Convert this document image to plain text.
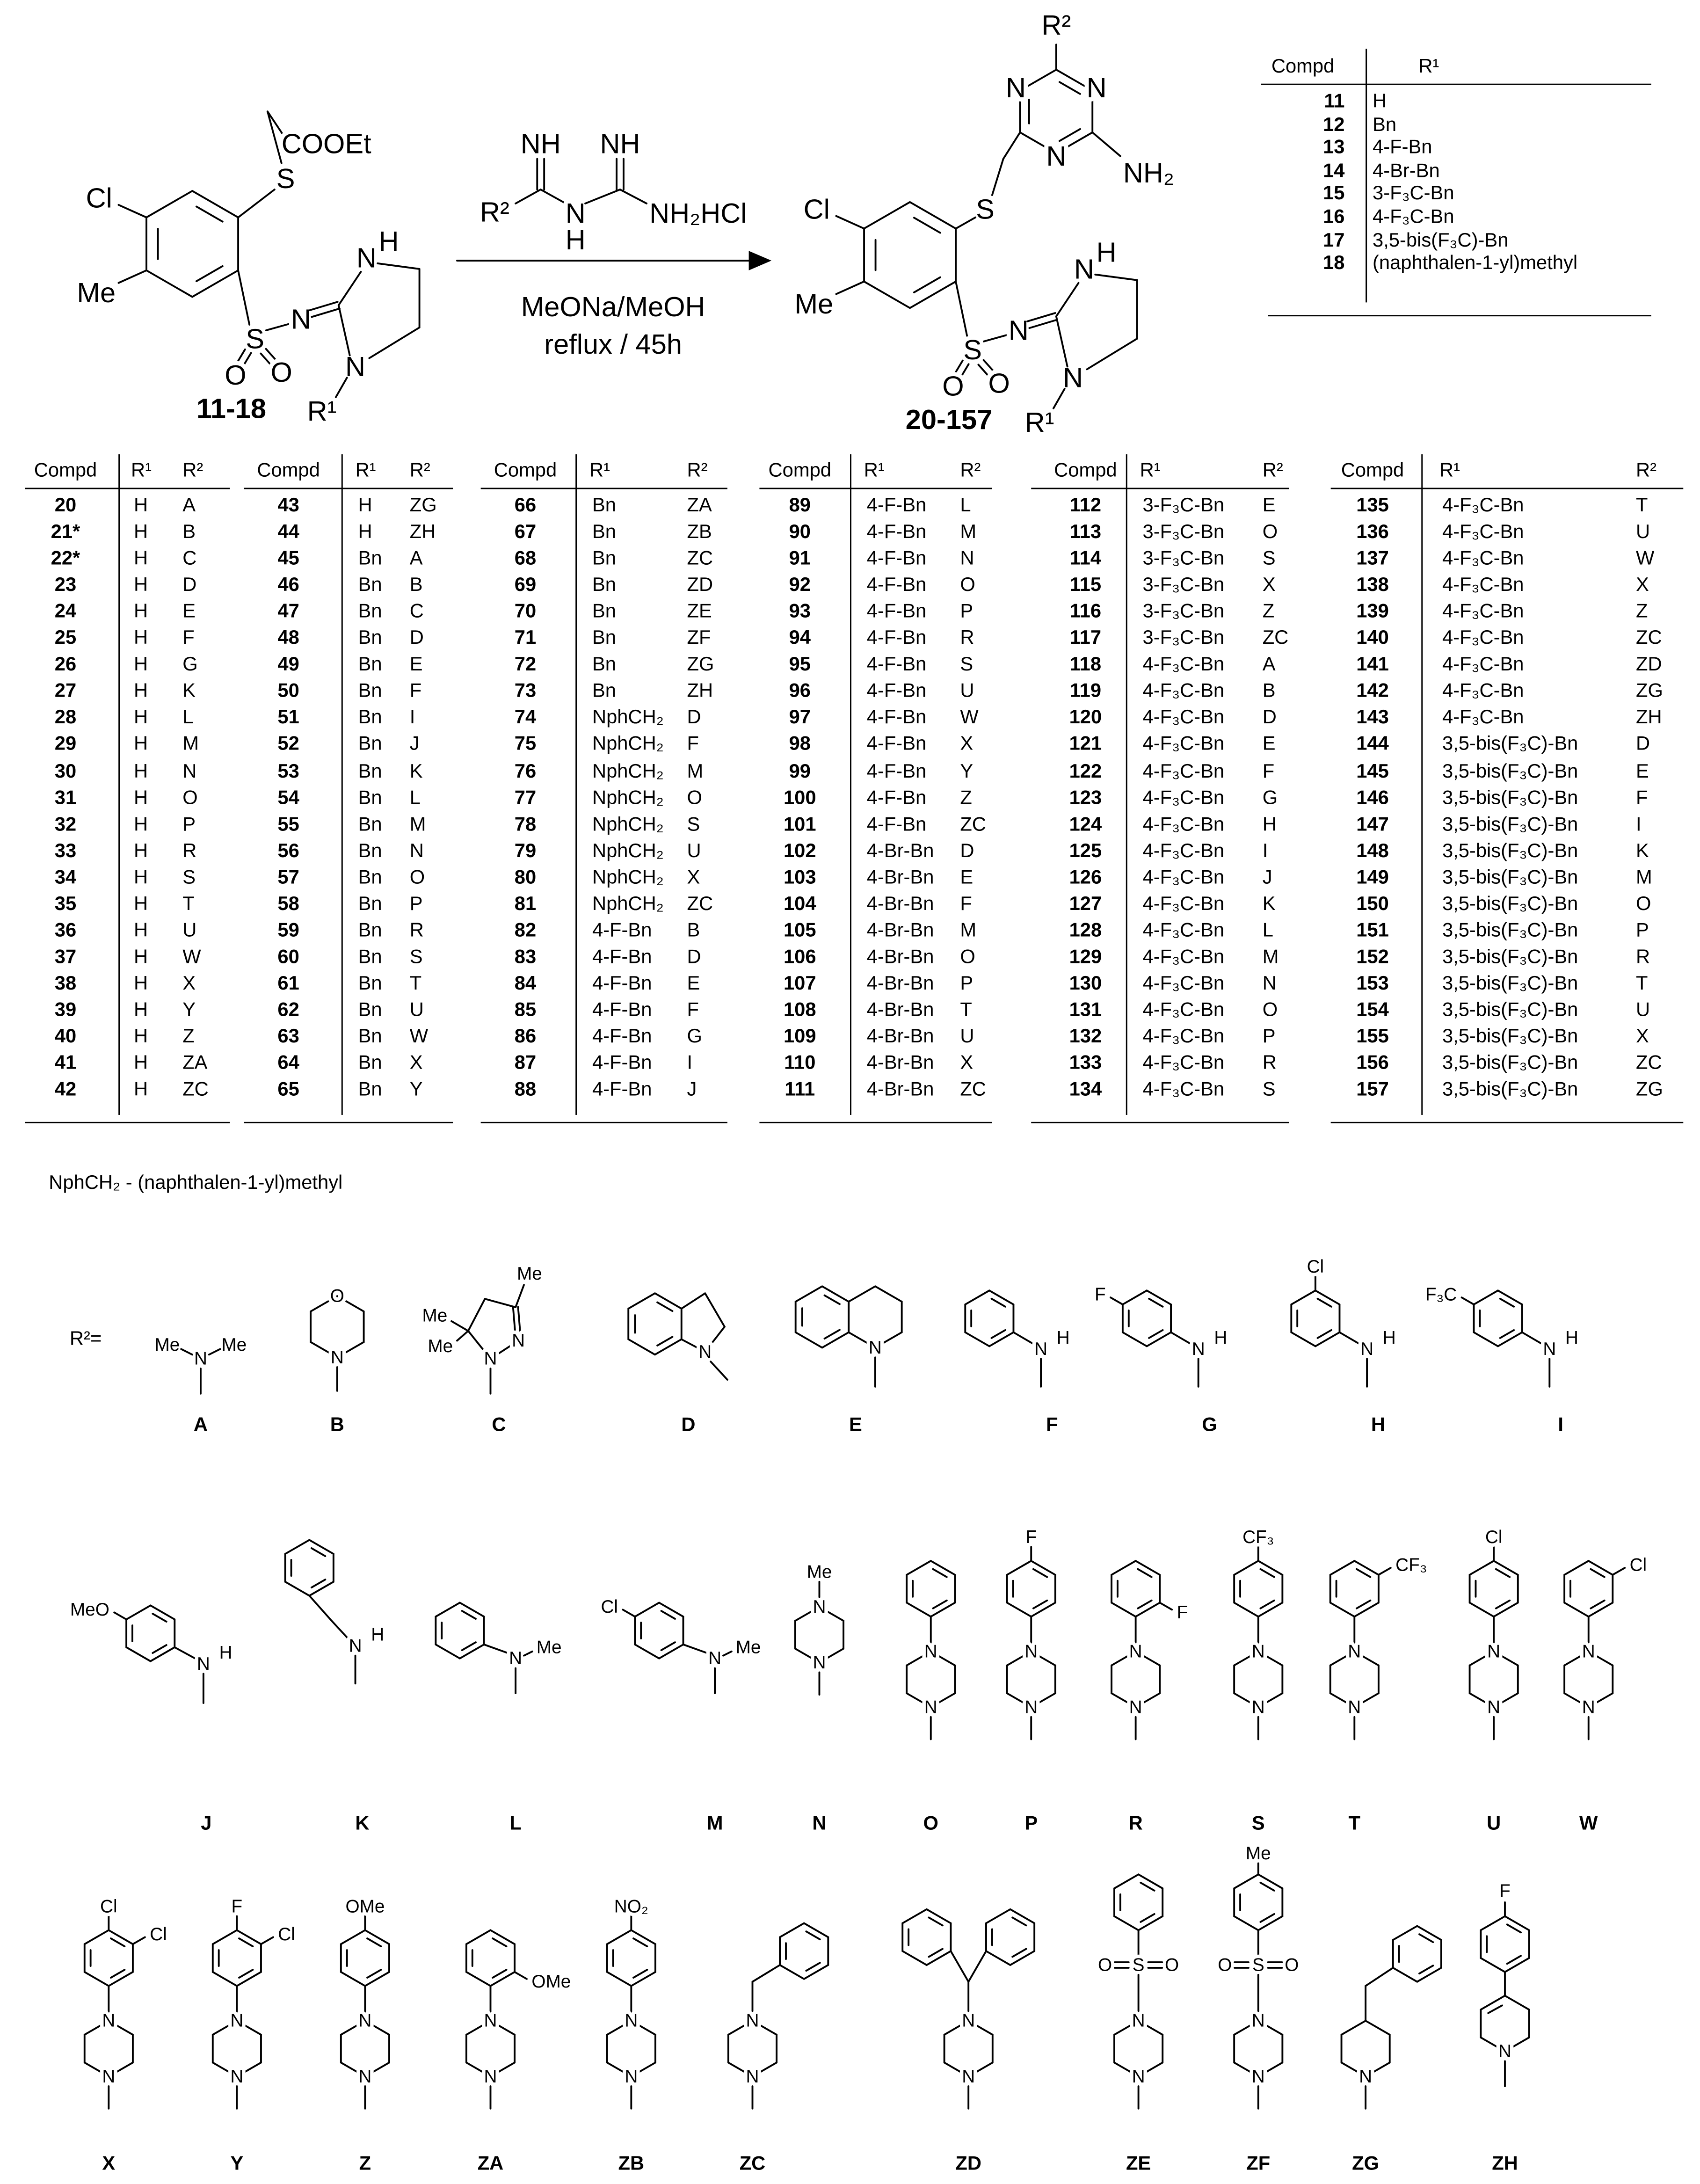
Cl
Me
S
O	O
N
N
H
N
R¹
11-18
S
COOEt	NH	NH
R²	N
H
NH₂HCl
MeONa/MeOH
reflux / 45h
Cl
Me
S
O	O
N
N
H
N
R¹
20-157
S
N
N
N
R²
NH₂
Me
N
Me
A
O
N
B
Me
Me
Me	N
N
C
N
D
N
E
N
H
F
F
N
H
G
Cl
N
H
H
F₃C
N
H
I
MeO
N
H
J
N
H
K
N
Me
L
Cl
N
Me
M
Me
N
N
N
N
N
O
F
N
N
P
F
N
N
R
CF₃
N
N
S
CF₃
N
N
T
Cl
N
N
U
Cl
N
N
W
Cl
Cl
N
N
X
F
Cl
N
N
Y
OMe
N
N
Z
OMe
N
N
ZA
NO₂
N
N
ZB
N
N
ZC
N
N
ZD
O	S	O
N
N
ZE
Me
O	S	O
N
N
ZF
N
ZG
F
N
ZH
Compd	R¹	R²
20	H	A
21*	H	B
22*	H	C
23	H	D
24	H	E
25	H	F
26	H	G
27	H	K
28	H	L
29	H	M
30	H	N
31	H	O
32	H	P
33	H	R
34	H	S
35	H	T
36	H	U
37	H	W
38	H	X
39	H	Y
40	H	Z
41	H	ZA
42	H	ZC
Compd	R¹	R²
43	H	ZG
44	H	ZH
45	Bn	A
46	Bn	B
47	Bn	C
48	Bn	D
49	Bn	E
50	Bn	F
51	Bn	I
52	Bn	J
53	Bn	K
54	Bn	L
55	Bn	M
56	Bn	N
57	Bn	O
58	Bn	P
59	Bn	R
60	Bn	S
61	Bn	T
62	Bn	U
63	Bn	W
64	Bn	X
65	Bn	Y
Compd	R¹	R²
66	Bn	ZA
67	Bn	ZB
68	Bn	ZC
69	Bn	ZD
70	Bn	ZE
71	Bn	ZF
72	Bn	ZG
73	Bn	ZH
74	NphCH₂	D
75	NphCH₂	F
76	NphCH₂	M
77	NphCH₂	O
78	NphCH₂	S
79	NphCH₂	U
80	NphCH₂	X
81	NphCH₂	ZC
82	4-F-Bn	B
83	4-F-Bn	D
84	4-F-Bn	E
85	4-F-Bn	F
86	4-F-Bn	G
87	4-F-Bn	I
88	4-F-Bn	J
Compd	R¹	R²
89	4-F-Bn	L
90	4-F-Bn	M
91	4-F-Bn	N
92	4-F-Bn	O
93	4-F-Bn	P
94	4-F-Bn	R
95	4-F-Bn	S
96	4-F-Bn	U
97	4-F-Bn	W
98	4-F-Bn	X
99	4-F-Bn	Y
100	4-F-Bn	Z
101	4-F-Bn	ZC
102	4-Br-Bn	D
103	4-Br-Bn	E
104	4-Br-Bn	F
105	4-Br-Bn	M
106	4-Br-Bn	O
107	4-Br-Bn	P
108	4-Br-Bn	T
109	4-Br-Bn	U
110	4-Br-Bn	X
111	4-Br-Bn	ZC
Compd	R¹	R²
112	3-F₃C-Bn	E
113	3-F₃C-Bn	O
114	3-F₃C-Bn	S
115	3-F₃C-Bn	X
116	3-F₃C-Bn	Z
117	3-F₃C-Bn	ZC
118	4-F₃C-Bn	A
119	4-F₃C-Bn	B
120	4-F₃C-Bn	D
121	4-F₃C-Bn	E
122	4-F₃C-Bn	F
123	4-F₃C-Bn	G
124	4-F₃C-Bn	H
125	4-F₃C-Bn	I
126	4-F₃C-Bn	J
127	4-F₃C-Bn	K
128	4-F₃C-Bn	L
129	4-F₃C-Bn	M
130	4-F₃C-Bn	N
131	4-F₃C-Bn	O
132	4-F₃C-Bn	P
133	4-F₃C-Bn	R
134	4-F₃C-Bn	S
Compd	R¹	R²
135	4-F₃C-Bn	T
136	4-F₃C-Bn	U
137	4-F₃C-Bn	W
138	4-F₃C-Bn	X
139	4-F₃C-Bn	Z
140	4-F₃C-Bn	ZC
141	4-F₃C-Bn	ZD
142	4-F₃C-Bn	ZG
143	4-F₃C-Bn	ZH
144	3,5-bis(F₃C)-Bn	D
145	3,5-bis(F₃C)-Bn	E
146	3,5-bis(F₃C)-Bn	F
147	3,5-bis(F₃C)-Bn	I
148	3,5-bis(F₃C)-Bn	K
149	3,5-bis(F₃C)-Bn	M
150	3,5-bis(F₃C)-Bn	O
151	3,5-bis(F₃C)-Bn	P
152	3,5-bis(F₃C)-Bn	R
153	3,5-bis(F₃C)-Bn	T
154	3,5-bis(F₃C)-Bn	U
155	3,5-bis(F₃C)-Bn	X
156	3,5-bis(F₃C)-Bn	ZC
157	3,5-bis(F₃C)-Bn	ZG
Compd	R¹
11	H
12	Bn
13	4-F-Bn
14	4-Br-Bn
15	3-F₃C-Bn
16	4-F₃C-Bn
17	3,5-bis(F₃C)-Bn
18	(naphthalen-1-yl)methyl
NphCH₂ - (naphthalen-1-yl)methyl
R²=
